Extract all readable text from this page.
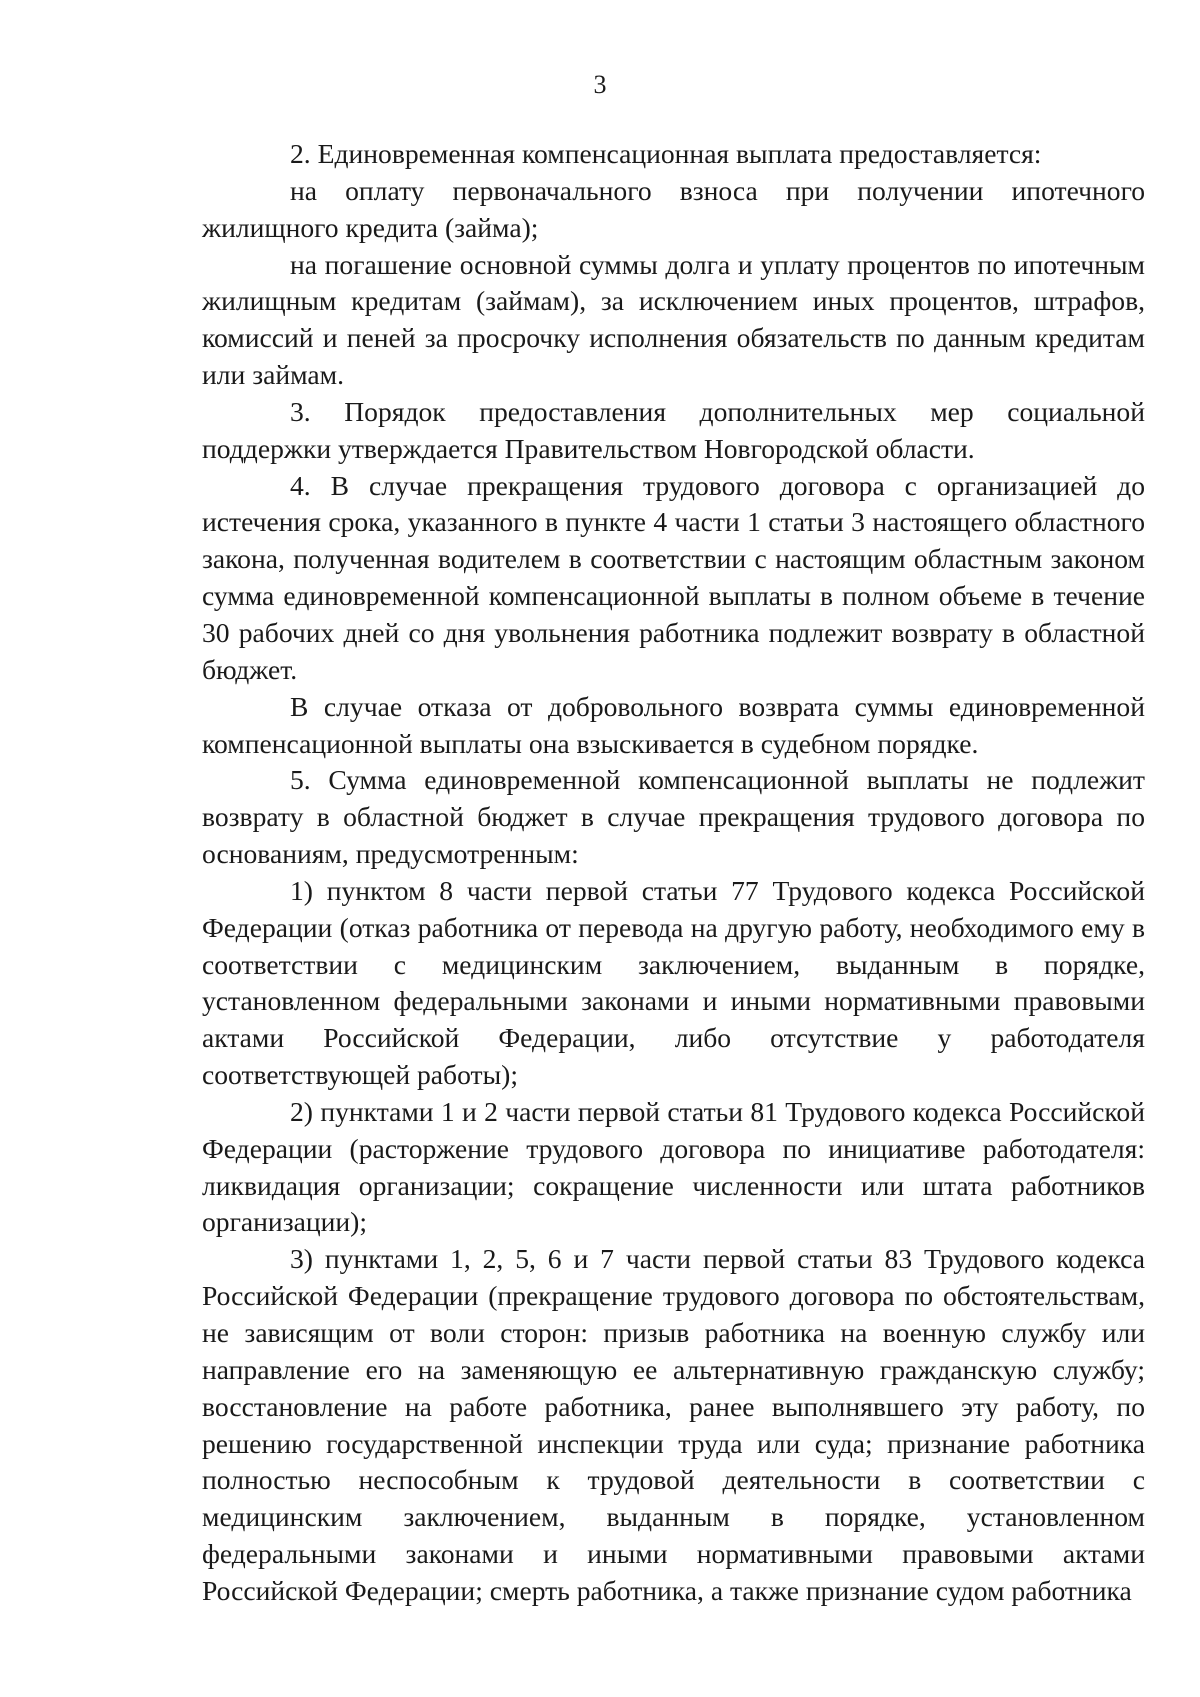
3

2. Единовременная компенсационная выплата предоставляется:

на оплату первоначального взноса при получении ипотечного жилищного кредита (займа);

на погашение основной суммы долга и уплату процентов по ипотечным жилищным кредитам (займам), за исключением иных процентов, штрафов, комиссий и пеней за просрочку исполнения обязательств по данным кредитам или займам.

3. Порядок предоставления дополнительных мер социальной поддержки утверждается Правительством Новгородской области.

4. В случае прекращения трудового договора с организацией до истечения срока, указанного в пункте 4 части 1 статьи 3 настоящего областного закона, полученная водителем в соответствии с настоящим областным законом сумма единовременной компенсационной выплаты в полном объеме в течение 30 рабочих дней со дня увольнения работника подлежит возврату в областной бюджет.

В случае отказа от добровольного возврата суммы единовременной компенсационной выплаты она взыскивается в судебном порядке.

5. Сумма единовременной компенсационной выплаты не подлежит возврату в областной бюджет в случае прекращения трудового договора по основаниям, предусмотренным:

1) пунктом 8 части первой статьи 77 Трудового кодекса Российской Федерации (отказ работника от перевода на другую работу, необходимого ему в соответствии с медицинским заключением, выданным в порядке, установленном федеральными законами и иными нормативными правовыми актами Российской Федерации, либо отсутствие у работодателя соответствующей работы);

2) пунктами 1 и 2 части первой статьи 81 Трудового кодекса Российской Федерации (расторжение трудового договора по инициативе работодателя: ликвидация организации; сокращение численности или штата работников организации);

3) пунктами 1, 2, 5, 6 и 7 части первой статьи 83 Трудового кодекса Российской Федерации (прекращение трудового договора по обстоятельствам, не зависящим от воли сторон: призыв работника на военную службу или направление его на заменяющую ее альтернативную гражданскую службу; восстановление на работе работника, ранее выполнявшего эту работу, по решению государственной инспекции труда или суда; признание работника полностью неспособным к трудовой деятельности в соответствии с медицинским заключением, выданным в порядке, установленном федеральными законами и иными нормативными правовыми актами Российской Федерации; смерть работника, а также признание судом работника
